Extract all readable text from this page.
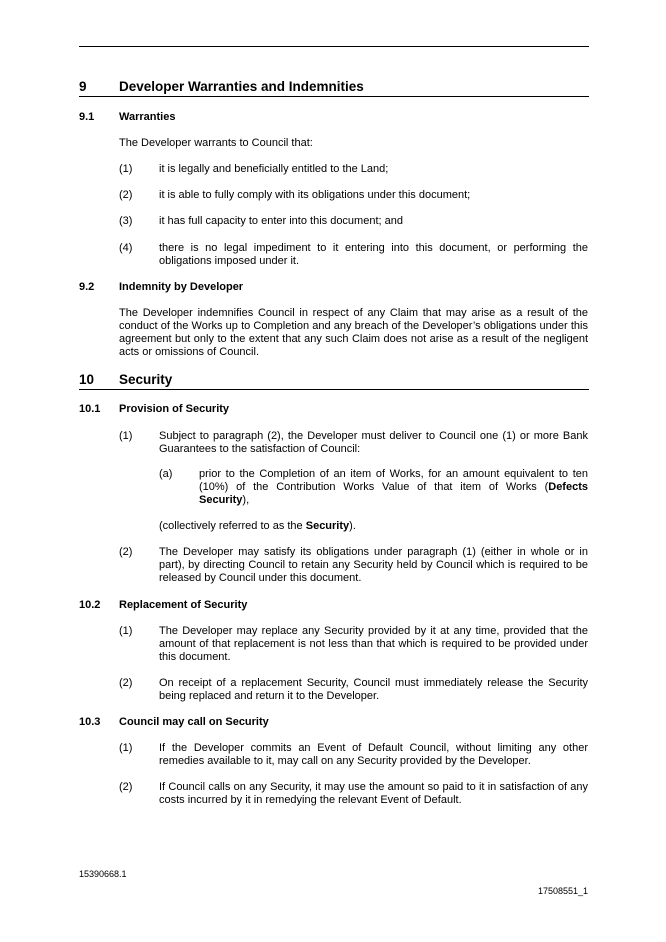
9 Developer Warranties and Indemnities
9.1 Warranties
The Developer warrants to Council that:
(1) it is legally and beneficially entitled to the Land;
(2) it is able to fully comply with its obligations under this document;
(3) it has full capacity to enter into this document; and
(4) there is no legal impediment to it entering into this document, or performing the obligations imposed under it.
9.2 Indemnity by Developer
The Developer indemnifies Council in respect of any Claim that may arise as a result of the conduct of the Works up to Completion and any breach of the Developer’s obligations under this agreement but only to the extent that any such Claim does not arise as a result of the negligent acts or omissions of Council.
10 Security
10.1 Provision of Security
(1) Subject to paragraph (2), the Developer must deliver to Council one (1) or more Bank Guarantees to the satisfaction of Council:
(a) prior to the Completion of an item of Works, for an amount equivalent to ten (10%) of the Contribution Works Value of that item of Works (Defects Security),
(collectively referred to as the Security).
(2) The Developer may satisfy its obligations under paragraph (1) (either in whole or in part), by directing Council to retain any Security held by Council which is required to be released by Council under this document.
10.2 Replacement of Security
(1) The Developer may replace any Security provided by it at any time, provided that the amount of that replacement is not less than that which is required to be provided under this document.
(2) On receipt of a replacement Security, Council must immediately release the Security being replaced and return it to the Developer.
10.3 Council may call on Security
(1) If the Developer commits an Event of Default Council, without limiting any other remedies available to it, may call on any Security provided by the Developer.
(2) If Council calls on any Security, it may use the amount so paid to it in satisfaction of any costs incurred by it in remedying the relevant Event of Default.
15390668.1
17508551_1
